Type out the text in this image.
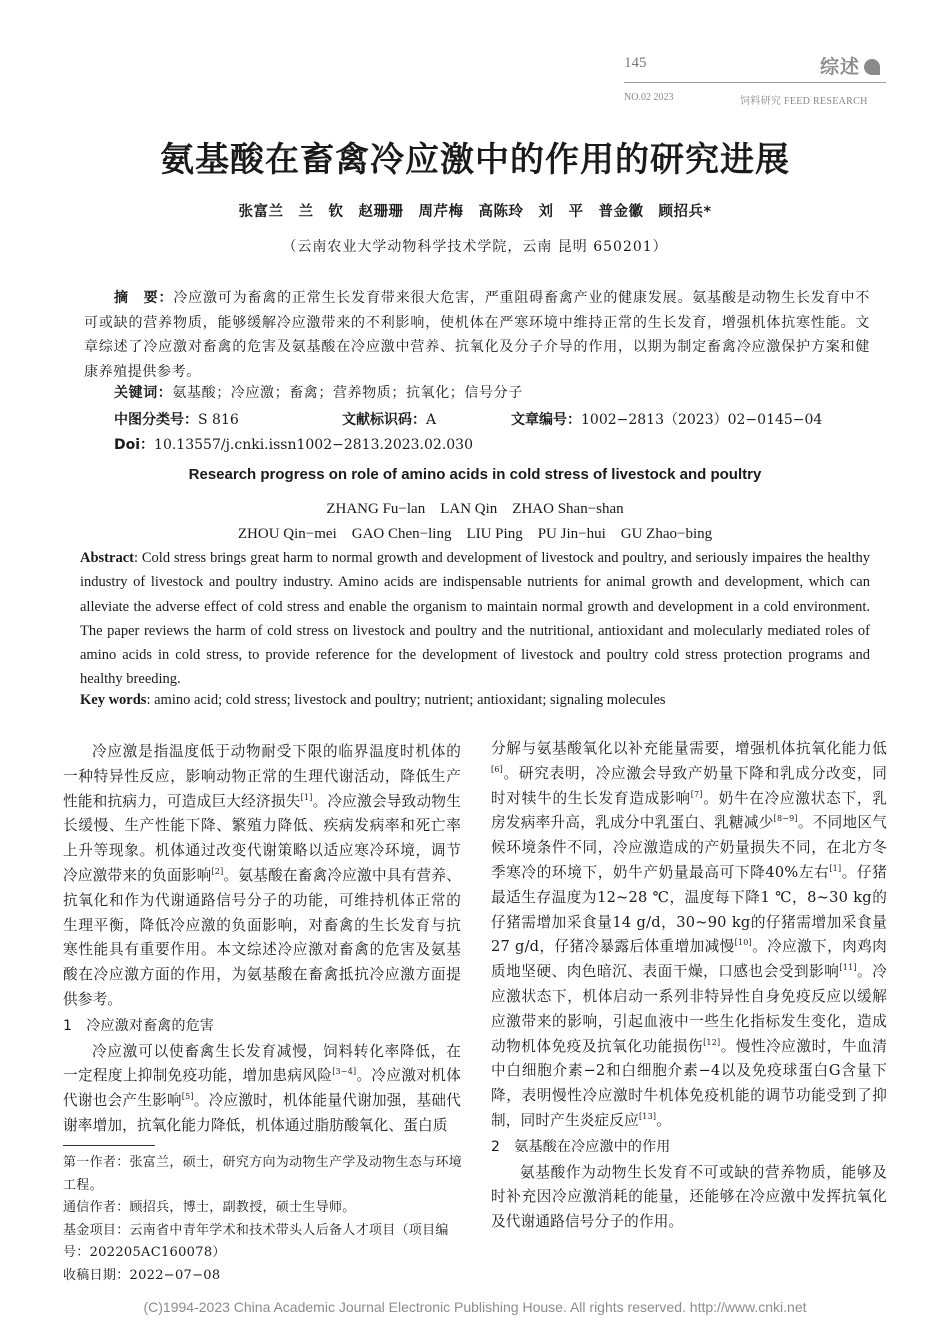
145	综述
NO.02 2023	饲料研究 FEED RESEARCH
氨基酸在畜禽冷应激中的作用的研究进展
张富兰　兰　钦　赵珊珊　周芹梅　高陈玲　刘　平　普金徽　顾招兵*
（云南农业大学动物科学技术学院，云南 昆明 650201）
摘　要：冷应激可为畜禽的正常生长发育带来很大危害，严重阻碍畜禽产业的健康发展。氨基酸是动物生长发育中不可或缺的营养物质，能够缓解冷应激带来的不利影响，使机体在严寒环境中维持正常的生长发育，增强机体抗寒性能。文章综述了冷应激对畜禽的危害及氨基酸在冷应激中营养、抗氧化及分子介导的作用，以期为制定畜禽冷应激保护方案和健康养殖提供参考。
关键词：氨基酸；冷应激；畜禽；营养物质；抗氧化；信号分子
中图分类号：S 816	文献标识码：A	文章编号：1002−2813（2023）02−0145−04
Doi：10.13557/j.cnki.issn1002−2813.2023.02.030
Research progress on role of amino acids in cold stress of livestock and poultry
ZHANG Fu−lan　LAN Qin　ZHAO Shan−shan
ZHOU Qin−mei　GAO Chen−ling　LIU Ping　PU Jin−hui　GU Zhao−bing
Abstract: Cold stress brings great harm to normal growth and development of livestock and poultry, and seriously impaires the healthy industry of livestock and poultry industry. Amino acids are indispensable nutrients for animal growth and development, which can alleviate the adverse effect of cold stress and enable the organism to maintain normal growth and development in a cold environment. The paper reviews the harm of cold stress on livestock and poultry and the nutritional, antioxidant and molecularly mediated roles of amino acids in cold stress, to provide reference for the development of livestock and poultry cold stress protection programs and healthy breeding.
Key words: amino acid; cold stress; livestock and poultry; nutrient; antioxidant; signaling molecules

冷应激是指温度低于动物耐受下限的临界温度时机体的一种特异性反应，影响动物正常的生理代谢活动，降低生产性能和抗病力，可造成巨大经济损失[1]。冷应激会导致动物生长缓慢、生产性能下降、繁殖力降低、疾病发病率和死亡率上升等现象。机体通过改变代谢策略以适应寒冷环境，调节冷应激带来的负面影响[2]。氨基酸在畜禽冷应激中具有营养、抗氧化和作为代谢通路信号分子的功能，可维持机体正常的生理平衡，降低冷应激的负面影响，对畜禽的生长发育与抗寒性能具有重要作用。本文综述冷应激对畜禽的危害及氨基酸在冷应激方面的作用，为氨基酸在畜禽抵抗冷应激方面提供参考。

1　冷应激对畜禽的危害

冷应激可以使畜禽生长发育减慢，饲料转化率降低，在一定程度上抑制免疫功能，增加患病风险[3−4]。冷应激对机体代谢也会产生影响[5]。冷应激时，机体能量代谢加强，基础代谢率增加，抗氧化能力降低，机体通过脂肪酸氧化、蛋白质

第一作者：张富兰，硕士，研究方向为动物生产学及动物生态与环境工程。
通信作者：顾招兵，博士，副教授，硕士生导师。
基金项目：云南省中青年学术和技术带头人后备人才项目（项目编号：202205AC160078）
收稿日期：2022−07−08

分解与氨基酸氧化以补充能量需要，增强机体抗氧化能力低[6]。研究表明，冷应激会导致产奶量下降和乳成分改变，同时对犊牛的生长发育造成影响[7]。奶牛在冷应激状态下，乳房发病率升高，乳成分中乳蛋白、乳糖减少[8−9]。不同地区气候环境条件不同，冷应激造成的产奶量损失不同，在北方冬季寒冷的环境下，奶牛产奶量最高可下降40%左右[1]。仔猪最适生存温度为12~28 ℃，温度每下降1 ℃，8~30 kg的仔猪需增加采食量14 g/d，30~90 kg的仔猪需增加采食量27 g/d，仔猪冷暴露后体重增加减慢[10]。冷应激下，肉鸡肉质地坚硬、肉色暗沉、表面干燥，口感也会受到影响[11]。冷应激状态下，机体启动一系列非特异性自身免疫反应以缓解应激带来的影响，引起血液中一些生化指标发生变化，造成动物机体免疫及抗氧化功能损伤[12]。慢性冷应激时，牛血清中白细胞介素−2和白细胞介素−4以及免疫球蛋白G含量下降，表明慢性冷应激时牛机体免疫机能的调节功能受到了抑制，同时产生炎症反应[13]。

2　氨基酸在冷应激中的作用

氨基酸作为动物生长发育不可或缺的营养物质，能够及时补充因冷应激消耗的能量，还能够在冷应激中发挥抗氧化及代谢通路信号分子的作用。

(C)1994-2023 China Academic Journal Electronic Publishing House. All rights reserved. http://www.cnki.net
